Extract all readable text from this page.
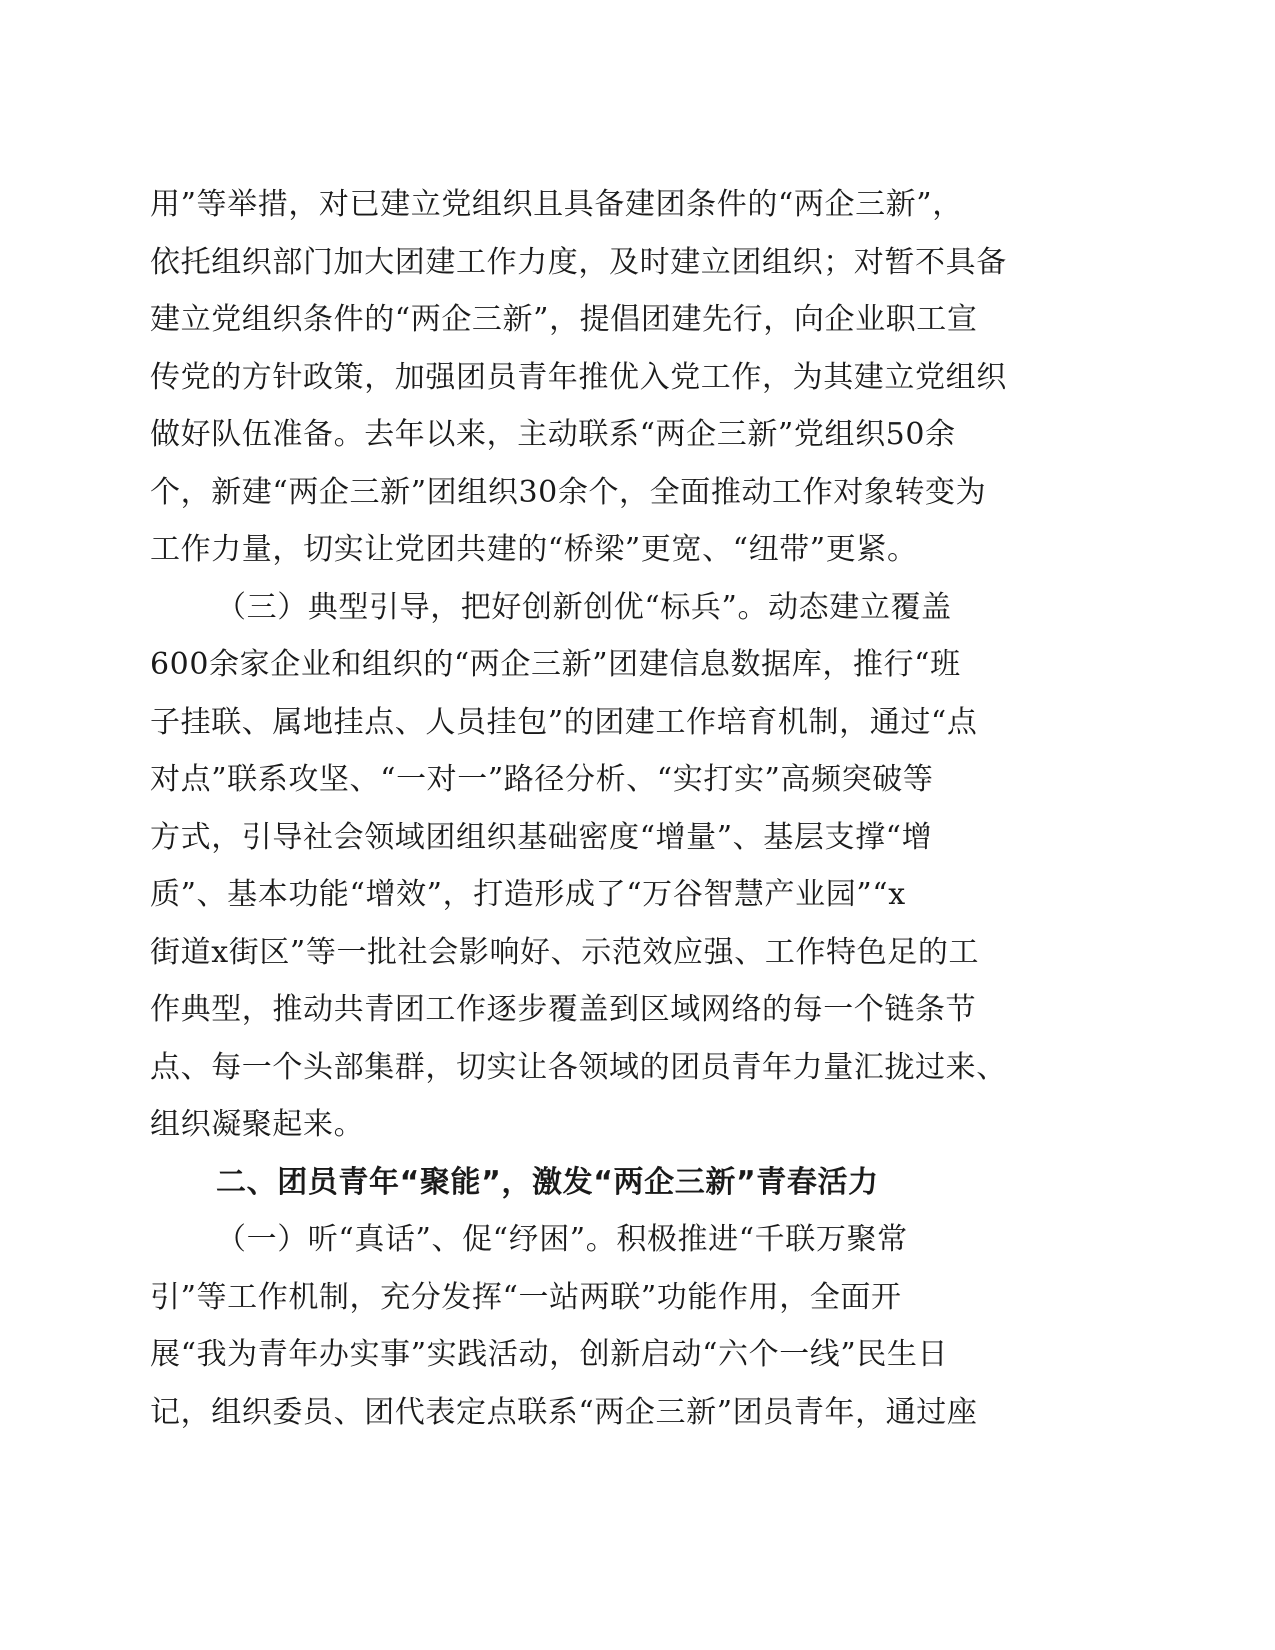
用”等举措，对已建立党组织且具备建团条件的“两企三新”，
依托组织部门加大团建工作力度，及时建立团组织；对暂不具备
建立党组织条件的“两企三新”，提倡团建先行，向企业职工宣
传党的方针政策，加强团员青年推优入党工作，为其建立党组织
做好队伍准备。去年以来，主动联系“两企三新”党组织50余
个，新建“两企三新”团组织30余个，全面推动工作对象转变为
工作力量，切实让党团共建的“桥梁”更宽、“纽带”更紧。
（三）典型引导，把好创新创优“标兵”。动态建立覆盖
600余家企业和组织的“两企三新”团建信息数据库，推行“班
子挂联、属地挂点、人员挂包”的团建工作培育机制，通过“点
对点”联系攻坚、“一对一”路径分析、“实打实”高频突破等
方式，引导社会领域团组织基础密度“增量”、基层支撑“增
质”、基本功能“增效”，打造形成了“万谷智慧产业园”“x
街道x街区”等一批社会影响好、示范效应强、工作特色足的工
作典型，推动共青团工作逐步覆盖到区域网络的每一个链条节
点、每一个头部集群，切实让各领域的团员青年力量汇拢过来、
组织凝聚起来。
二、团员青年“聚能”，激发“两企三新”青春活力
（一）听“真话”、促“纾困”。积极推进“千联万聚常
引”等工作机制，充分发挥“一站两联”功能作用，全面开
展“我为青年办实事”实践活动，创新启动“六个一线”民生日
记，组织委员、团代表定点联系“两企三新”团员青年，通过座
